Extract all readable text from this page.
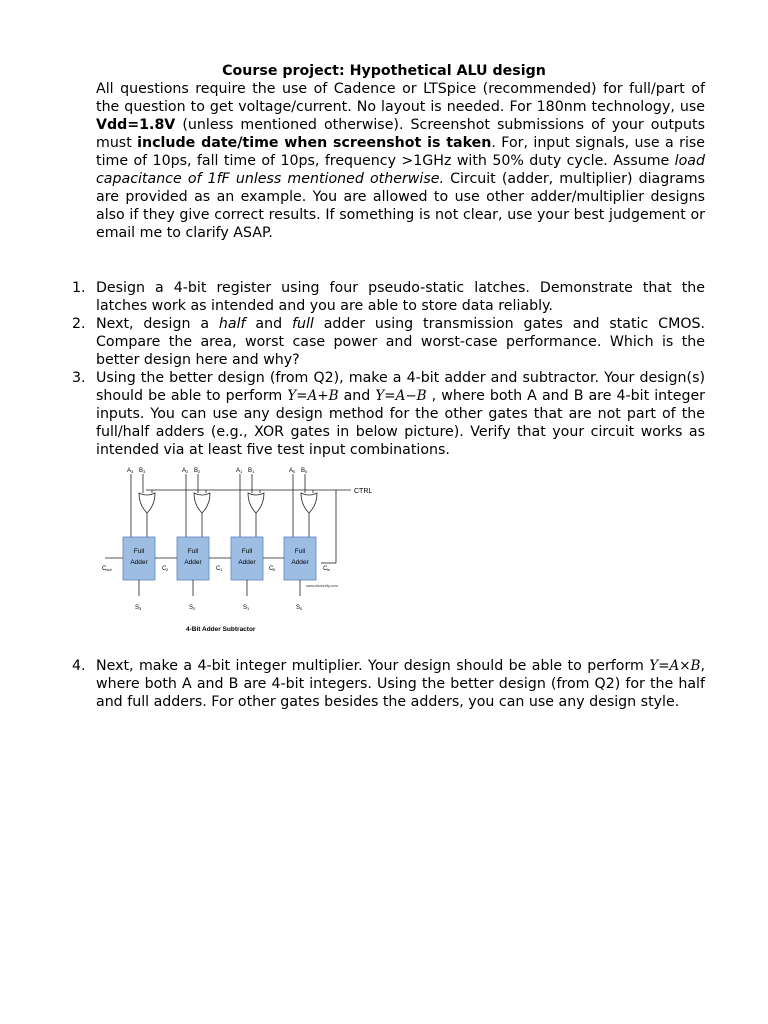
Course project: Hypothetical ALU design
All questions require the use of Cadence or LTSpice (recommended) for full/part of the question to get voltage/current. No layout is needed. For 180nm technology, use Vdd=1.8V (unless mentioned otherwise). Screenshot submissions of your outputs must include date/time when screenshot is taken. For, input signals, use a rise time of 10ps, fall time of 10ps, frequency >1GHz with 50% duty cycle. Assume load capacitance of 1fF unless mentioned otherwise. Circuit (adder, multiplier) diagrams are provided as an example. You are allowed to use other adder/multiplier designs also if they give correct results. If something is not clear, use your best judgement or email me to clarify ASAP.
1. Design a 4-bit register using four pseudo-static latches. Demonstrate that the latches work as intended and you are able to store data reliably.
2. Next, design a half and full adder using transmission gates and static CMOS. Compare the area, worst case power and worst-case performance. Which is the better design here and why?
3. Using the better design (from Q2), make a 4-bit adder and subtractor. Your design(s) should be able to perform Y=A+B and Y=A−B , where both A and B are 4-bit integer inputs. You can use any design method for the other gates that are not part of the full/half adders (e.g., XOR gates in below picture). Verify that your circuit works as intended via at least five test input combinations.
CTRL
Full
Adder
A 3 B 3
S 3
Full
Adder
A 2 B 2
S 2
C 2
Full
Adder
A 1 B 1
S 1
C 1
Full
Adder
A 0 B 0
S 0
C 0
C out	C in
www.elsiverify.com
4-Bit Adder Subtractor
4. Next, make a 4-bit integer multiplier. Your design should be able to perform Y=A×B, where both A and B are 4-bit integers. Using the better design (from Q2) for the half and full adders. For other gates besides the adders, you can use any design style.
